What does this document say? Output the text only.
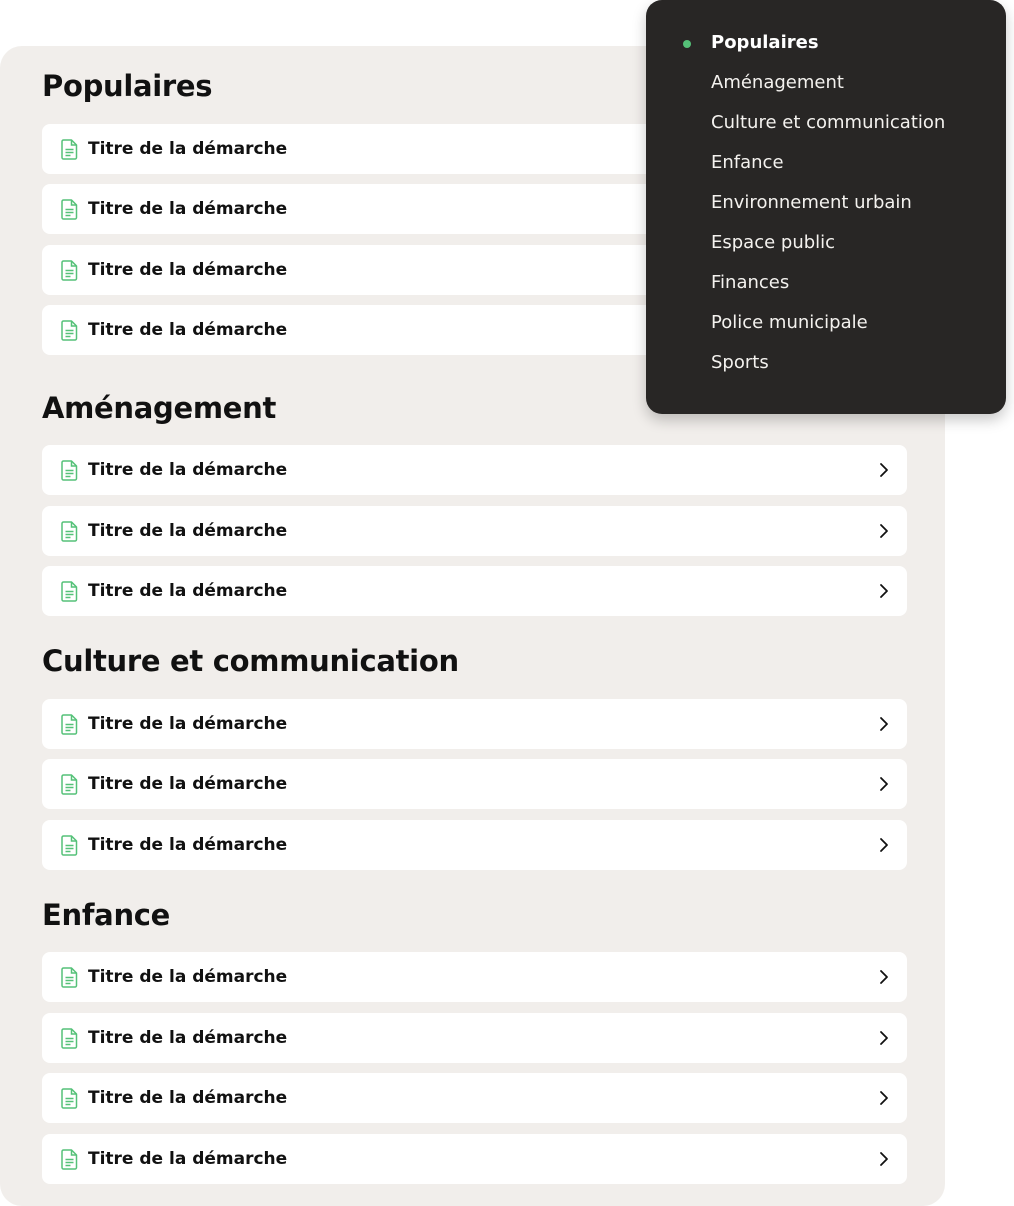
Populaires
Titre de la démarche
Titre de la démarche
Titre de la démarche
Titre de la démarche
Aménagement
Titre de la démarche
Titre de la démarche
Titre de la démarche
Culture et communication
Titre de la démarche
Titre de la démarche
Titre de la démarche
Enfance
Titre de la démarche
Titre de la démarche
Titre de la démarche
Titre de la démarche
Populaires
Aménagement
Culture et communication
Enfance
Environnement urbain
Espace public
Finances
Police municipale
Sports
